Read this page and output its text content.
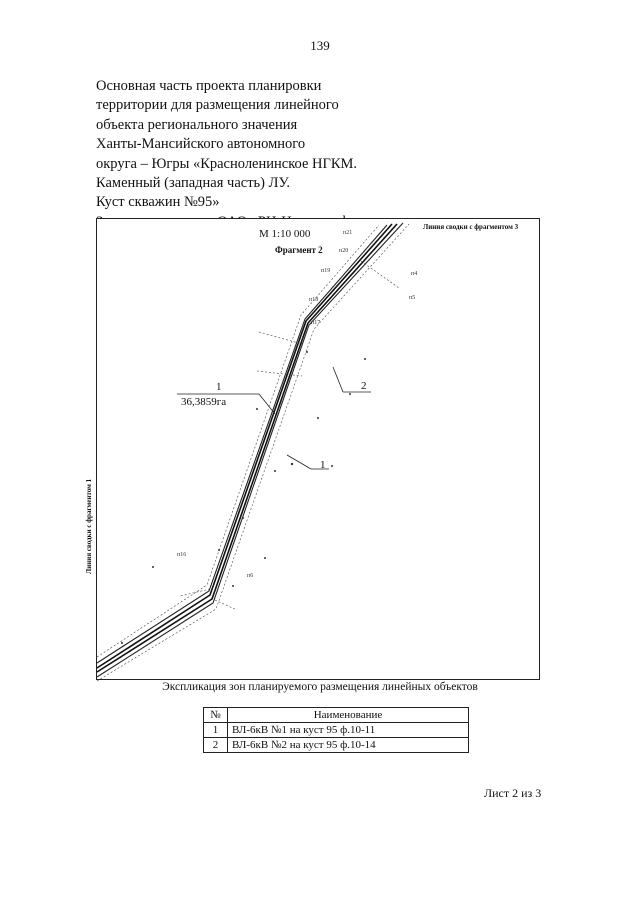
139
Основная часть проекта планировки
территории для размещения линейного
объекта регионального значения
Ханты-Мансийского автономного
округа – Югры «Красноленинское НГКМ.
Каменный (западная часть) ЛУ.
Куст скважин №95»
М 1:10 000
Фрагмент 2
Линия сводки с фрагментом 3
Линия сводки с фрагментом 1
1
36,3859га
1
2
п21
п20
п19
п18
п17
п16
п6
п5
п4
Экспликация зон планируемого размещения линейных объектов
№	Наименование
1	ВЛ-6кВ №1 на куст 95 ф.10-11
2	ВЛ-6кВ №2 на куст 95 ф.10-14
Лист 2 из 3
